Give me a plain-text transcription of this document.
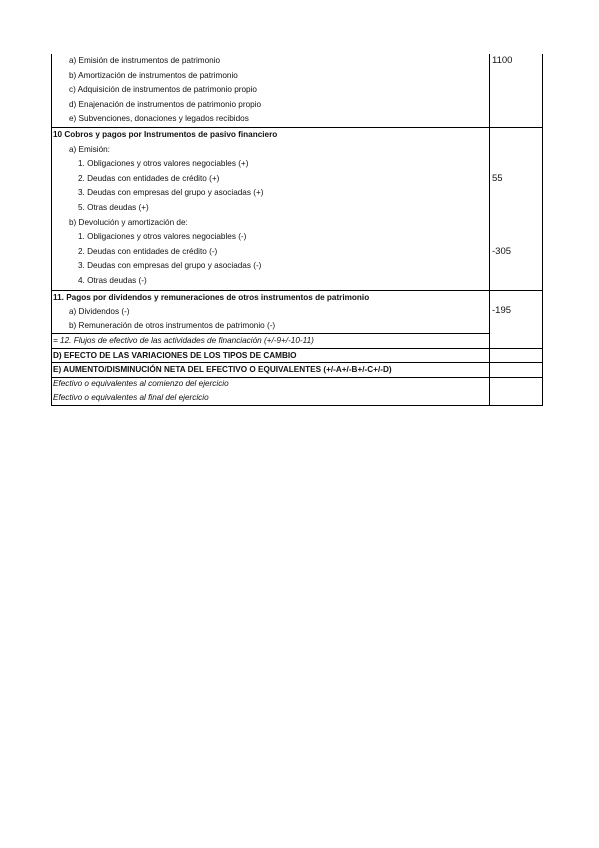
a) Emisión de instrumentos de patrimonio	1100
b) Amortización de instrumentos de patrimonio
c) Adquisición de instrumentos de patrimonio propio
d) Enajenación de instrumentos de patrimonio propio
e) Subvenciones, donaciones y legados recibidos
10 Cobros y pagos por Instrumentos de pasivo financiero
a) Emisión:
1. Obligaciones y otros valores negociables (+)
2. Deudas con entidades de crédito (+)	55
3. Deudas con empresas del grupo y asociadas (+)
5. Otras deudas (+)
b) Devolución y amortización de:
1. Obligaciones y otros valores negociables (-)
2. Deudas con entidades de crédito (-)	-305
3. Deudas con empresas del grupo y asociadas (-)
4. Otras deudas (-)
11. Pagos por dividendos y remuneraciones de otros instrumentos de patrimonio
a) Dividendos (-)	-195
b) Remuneración de otros instrumentos de patrimonio (-)
= 12. Flujos de efectivo de las actividades de financiación (+/-9+/-10-11)
D) EFECTO DE LAS VARIACIONES DE LOS TIPOS DE CAMBIO
E) AUMENTO/DISMINUCIÓN NETA DEL EFECTIVO O EQUIVALENTES (+/-A+/-B+/-C+/-D)
Efectivo o equivalentes al comienzo del ejercicio
Efectivo o equivalentes al final del ejercicio
